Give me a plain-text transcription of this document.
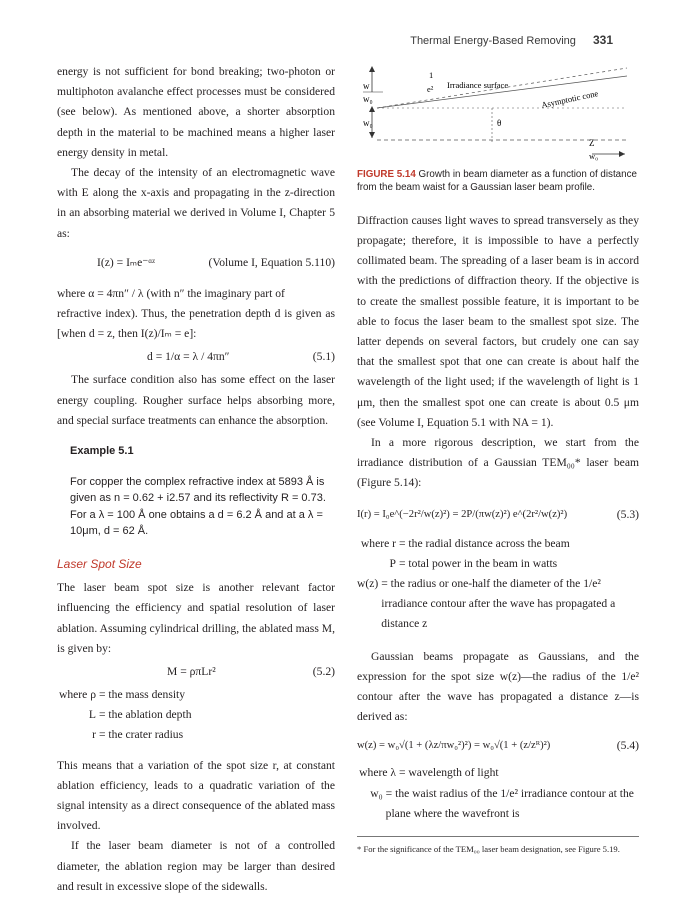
Thermal Energy-Based Removing 331

energy is not sufficient for bond breaking; two-photon or multiphoton avalanche effect processes must be considered (see below). As mentioned above, a shorter absorption depth in the material to be machined means a higher laser energy density in metal.

The decay of the intensity of an electromagnetic wave with E along the x-axis and propagating in the z-direction in an absorbing material we derived in Volume I, Chapter 5 as:

I(z) = Iₘe⁻ᵅᶻ	(Volume I, Equation 5.110)

where α = 4πn″ / λ (with n″ the imaginary part of

refractive index). Thus, the penetration depth d is given as [when d = z, then I(z)/Iₘ = e]:

d = 1/α = λ / 4πn″	(5.1)

The surface condition also has some effect on the laser energy coupling. Rougher surface helps absorbing more, and special surface treatments can enhance the absorption.

Example 5.1
For copper the complex refractive index at 5893 Å is given as n = 0.62 + i2.57 and its reflectivity R = 0.73. For a λ = 100 Å one obtains a d = 6.2 Å and at a λ = 10μm, d = 62 Å.
Laser Spot Size

The laser beam spot size is another relevant factor influencing the efficiency and spatial resolution of laser ablation. Assuming cylindrical drilling, the ablated mass M, is given by:

M = ρπLr²	(5.2)
where ρ = the mass density
L = the ablation depth
r = the crater radius

This means that a variation of the spot size r, at constant ablation efficiency, leads to a quadratic variation of the signal intensity as a direct consequence of the ablated mass involved.

If the laser beam diameter is not of a controlled diameter, the ablation region may be larger than desired and result in excessive slope of the sidewalls.

w
w₀
w₀
1
e² Irradiance surface
Asymptotic cone
θ
Z
w₀
FIGURE 5.14 Growth in beam diameter as a function of distance from the beam waist for a Gaussian laser beam profile.

Diffraction causes light waves to spread transversely as they propagate; therefore, it is impossible to have a perfectly collimated beam. The spreading of a laser beam is in accord with the predictions of diffraction theory. If the objective is to create the smallest possible feature, it is important to be able to focus the laser beam to the smallest spot size. The latter depends on several factors, but crudely one can say that the smallest spot that one can create is about half the wavelength of the light used; if the wavelength of light is 1 μm, then the smallest spot one can create is about 0.5 μm (see Volume I, Equation 5.1 with NA = 1).

In a more rigorous description, we start from the irradiance distribution of a Gaussian TEM₀₀* laser beam (Figure 5.14):

I(r) = I₀e^(−2r²/w(z)²) = 2P/(πw(z)²) e^(2r²/w(z)²)	(5.3)
where r = the radial distance across the beam
P = total power in the beam in watts
w(z) = the radius or one-half the diameter of the 1/e² irradiance contour after the wave has propagated a distance z

Gaussian beams propagate as Gaussians, and the expression for the spot size w(z)—the radius of the 1/e² contour after the wave has propagated a distance z—is derived as:

w(z) = w₀√(1 + (λz/πw₀²)²) = w₀√(1 + (z/zᴿ)²)	(5.4)
where λ = wavelength of light
w₀ = the waist radius of the 1/e² irradiance contour at the plane where the wavefront is
* For the significance of the TEM₀₀ laser beam designation, see Figure 5.19.
